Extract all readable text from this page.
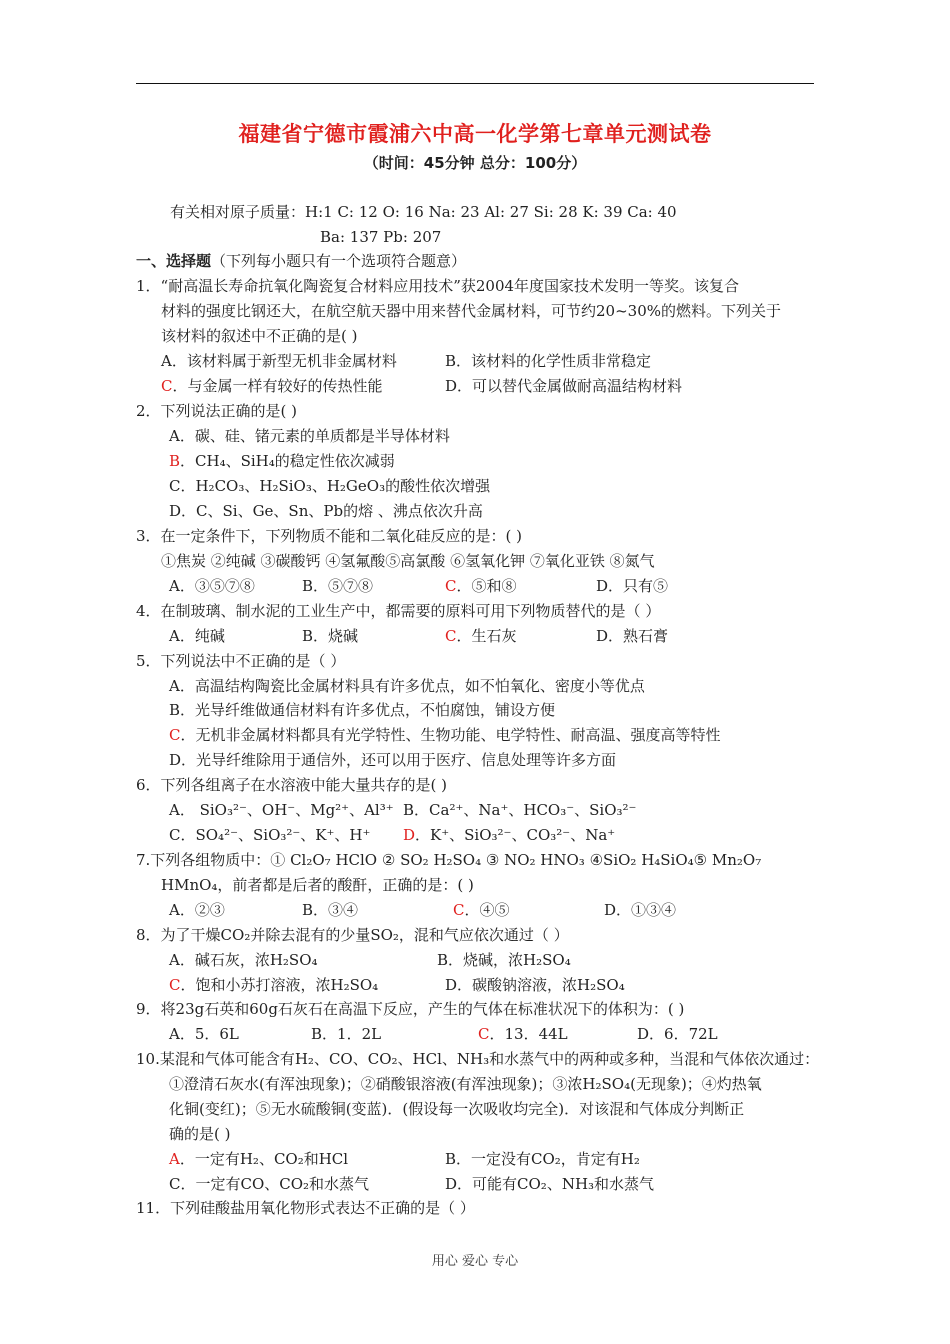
福建省宁德市霞浦六中高一化学第七章单元测试卷
（时间：45分钟 总分：100分）
有关相对原子质量：H:1 C: 12 O: 16 Na: 23 Al: 27 Si: 28 K: 39 Ca: 40
Ba: 137 Pb: 207
一、选择题（下列每小题只有一个选项符合题意）
1．“耐高温长寿命抗氧化陶瓷复合材料应用技术”获2004年度国家技术发明一等奖。该复合
材料的强度比钢还大，在航空航天器中用来替代金属材料，可节约20~30%的燃料。下列关于
该材料的叙述中不正确的是( )
A．该材料属于新型无机非金属材料	B．该材料的化学性质非常稳定
C．与金属一样有较好的传热性能	D．可以替代金属做耐高温结构材料
2．下列说法正确的是( )
A．碳、硅、锗元素的单质都是半导体材料
B．CH₄、SiH₄的稳定性依次减弱
C．H₂CO₃、H₂SiO₃、H₂GeO₃的酸性依次增强
D．C、Si、Ge、Sn、Pb的熔 、沸点依次升高
3．在一定条件下，下列物质不能和二氧化硅反应的是：( )
①焦炭 ②纯碱 ③碳酸钙 ④氢氟酸⑤高氯酸 ⑥氢氧化钾 ⑦氧化亚铁 ⑧氮气
A．③⑤⑦⑧	B．⑤⑦⑧	C．⑤和⑧	D．只有⑤
4．在制玻璃、制水泥的工业生产中，都需要的原料可用下列物质替代的是（ ）
A．纯碱	B．烧碱	C．生石灰	D．熟石膏
5．下列说法中不正确的是（ ）
A．高温结构陶瓷比金属材料具有许多优点，如不怕氧化、密度小等优点
B．光导纤维做通信材料有许多优点，不怕腐蚀，铺设方便
C．无机非金属材料都具有光学特性、生物功能、电学特性、耐高温、强度高等特性
D．光导纤维除用于通信外，还可以用于医疗、信息处理等许多方面
6．下列各组离子在水溶液中能大量共存的是( )
A． SiO₃²⁻、OH⁻、Mg²⁺、Al³⁺ B．Ca²⁺、Na⁺、HCO₃⁻、SiO₃²⁻
C．SO₄²⁻、SiO₃²⁻、K⁺、H⁺ D．K⁺、SiO₃²⁻、CO₃²⁻、Na⁺
7.下列各组物质中：① Cl₂O₇ HClO ② SO₂ H₂SO₄ ③ NO₂ HNO₃ ④SiO₂ H₄SiO₄⑤ Mn₂O₇
HMnO₄，前者都是后者的酸酐，正确的是：( )
A．②③	B．③④	C．④⑤	D．①③④
8．为了干燥CO₂并除去混有的少量SO₂，混和气应依次通过（ ）
A．碱石灰，浓H₂SO₄	B．烧碱，浓H₂SO₄
C．饱和小苏打溶液，浓H₂SO₄	D．碳酸钠溶液，浓H₂SO₄
9．将23g石英和60g石灰石在高温下反应，产生的气体在标准状况下的体积为：( )
A．5．6L	B．1．2L	C．13．44L	D．6．72L
10.某混和气体可能含有H₂、CO、CO₂、HCl、NH₃和水蒸气中的两种或多种，当混和气体依次通过：
①澄清石灰水(有浑浊现象)；②硝酸银溶液(有浑浊现象)；③浓H₂SO₄(无现象)；④灼热氧
化铜(变红)；⑤无水硫酸铜(变蓝)．(假设每一次吸收均完全)．对该混和气体成分判断正
确的是( )
A．一定有H₂、CO₂和HCl	B．一定没有CO₂，肯定有H₂
C．一定有CO、CO₂和水蒸气	D．可能有CO₂、NH₃和水蒸气
11．下列硅酸盐用氧化物形式表达不正确的是（ ）
用心 爱心 专心
